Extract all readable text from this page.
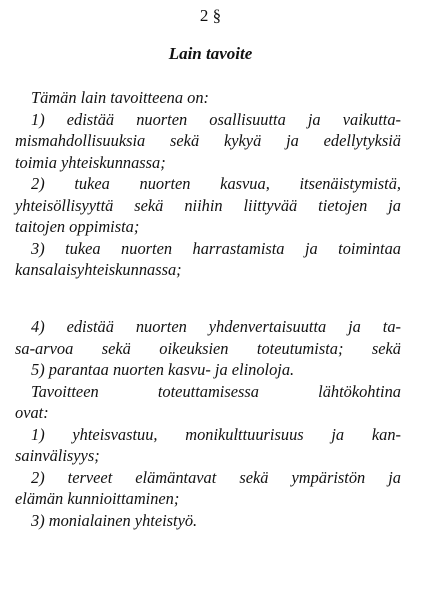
2 §
Lain tavoite
Tämän lain tavoitteena on:
1) edistää nuorten osallisuutta ja vaikutta-
mismahdollisuuksia sekä kykyä ja edellytyksiä
toimia yhteiskunnassa;
2) tukea nuorten kasvua, itsenäistymistä,
yhteisöllisyyttä sekä niihin liittyvää tietojen ja
taitojen oppimista;
3) tukea nuorten harrastamista ja toimintaa
kansalaisyhteiskunnassa;
4) edistää nuorten yhdenvertaisuutta ja ta-
sa-arvoa sekä oikeuksien toteutumista; sekä
5) parantaa nuorten kasvu- ja elinoloja.
Tavoitteen toteuttamisessa lähtökohtina
ovat:
1) yhteisvastuu, monikulttuurisuus ja kan-
sainvälisyys;
2) terveet elämäntavat sekä ympäristön ja
elämän kunnioittaminen;
3) monialainen yhteistyö.
